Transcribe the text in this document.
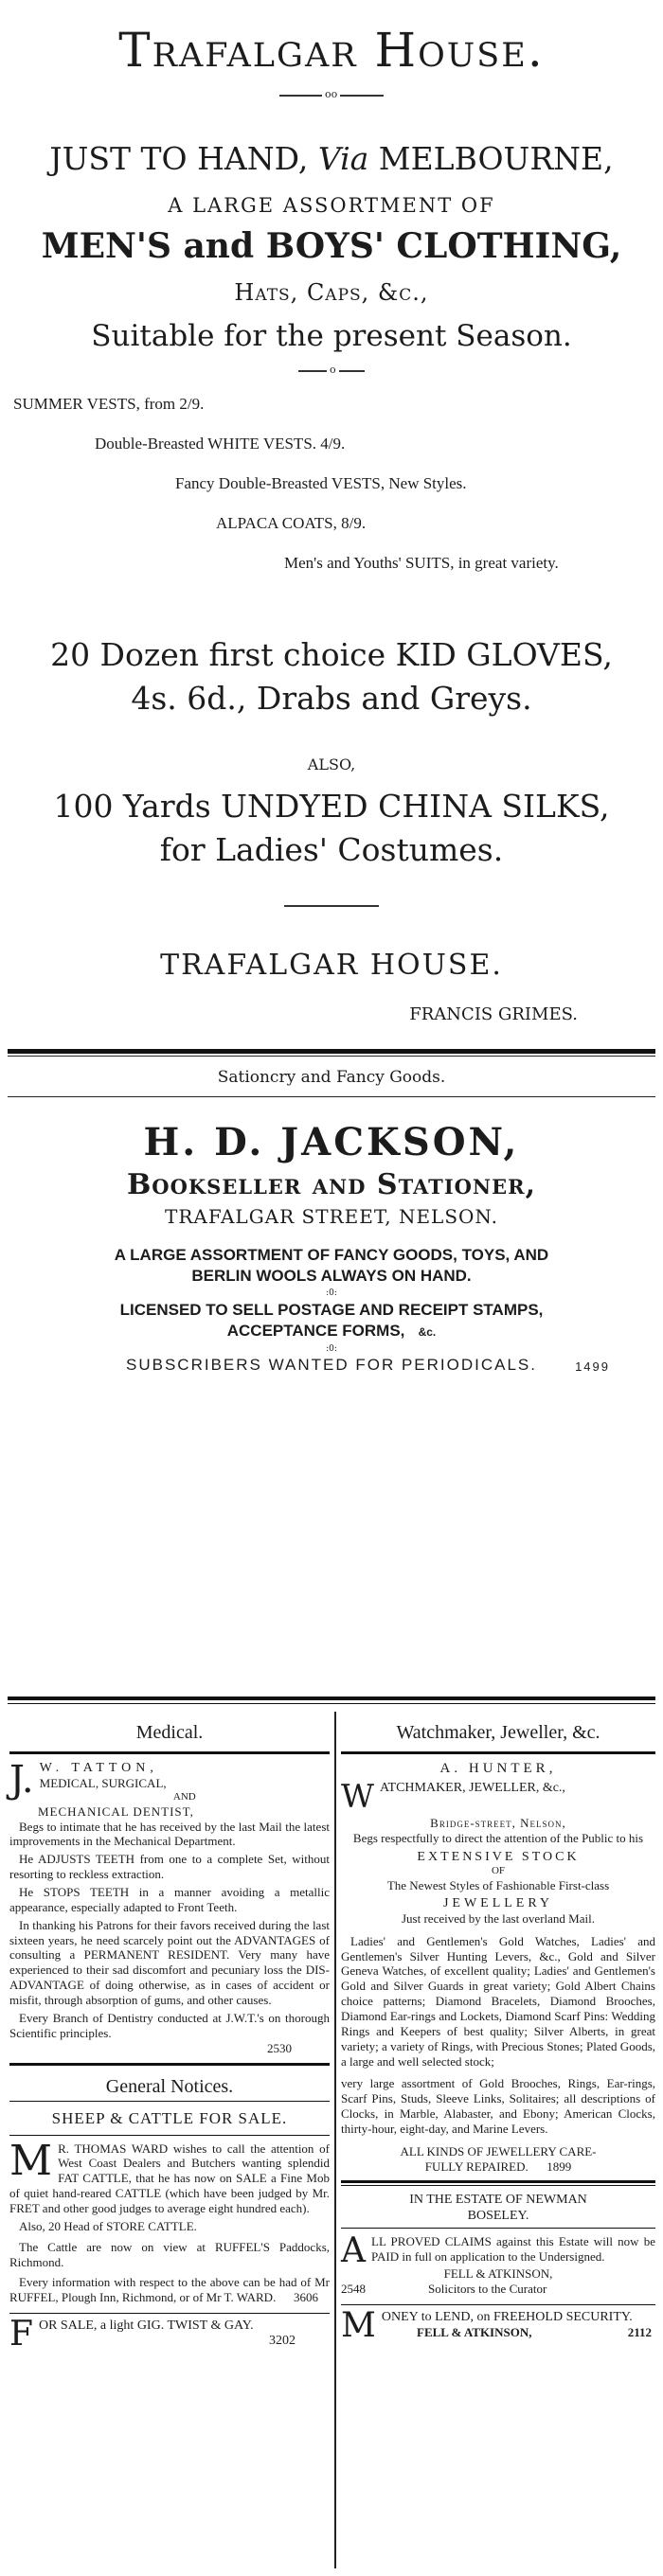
Trafalgar House.
oo
JUST TO HAND, Via MELBOURNE,
A LARGE ASSORTMENT OF
MEN'S and BOYS' CLOTHING,
Hats, Caps, &c.,
Suitable for the present Season.
o
SUMMER VESTS, from 2/9.
Double-Breasted WHITE VESTS. 4/9.
Fancy Double-Breasted VESTS, New Styles.
ALPACA COATS, 8/9.
Men's and Youths' SUITS, in great variety.
20 Dozen first choice KID GLOVES,
4s. 6d., Drabs and Greys.
ALSO,
100 Yards UNDYED CHINA SILKS,
for Ladies' Costumes.
TRAFALGAR HOUSE.
FRANCIS GRIMES.
Sationcry and Fancy Goods.
H. D. JACKSON,
Bookseller and Stationer,
TRAFALGAR STREET, NELSON.
A LARGE ASSORTMENT OF FANCY GOODS, TOYS, AND
BERLIN WOOLS ALWAYS ON HAND.
:0:
LICENSED TO SELL POSTAGE AND RECEIPT STAMPS,
ACCEPTANCE FORMS, &c.
:0:
SUBSCRIBERS WANTED FOR PERIODICALS.	1499
Medical.
J. W. TATTON,
MEDICAL, SURGICAL,
AND
MECHANICAL DENTIST,

Begs to intimate that he has received by the last Mail the latest improvements in the Mechanical Department.

He ADJUSTS TEETH from one to a complete Set, without resorting to reckless extraction.

He STOPS TEETH in a manner avoiding a metallic appearance, especially adapted to Front Teeth.

In thanking his Patrons for their favors received during the last sixteen years, he need scarcely point out the ADVANTAGES of consulting a PERMANENT RESIDENT. Very many have experienced to their sad discomfort and pecuniary loss the DIS-ADVANTAGE of doing otherwise, as in cases of accident or misfit, through absorption of gums, and other causes.

Every Branch of Dentistry conducted at J.W.T.'s on thorough Scientific principles.

2530
General Notices.
SHEEP & CATTLE FOR SALE.
M R. THOMAS WARD wishes to call the attention of West Coast Dealers and Butchers wanting splendid FAT CATTLE, that he has now on SALE a Fine Mob of quiet hand-reared CATTLE (which have been judged by Mr. FRET and other good judges to average eight hundred each).

Also, 20 Head of STORE CATTLE.

The Cattle are now on view at RUFFEL'S Paddocks, Richmond.

Every information with respect to the above can be had of Mr RUFFEL, Plough Inn, Richmond, or of Mr T. WARD.	3606

F OR SALE, a light GIG. TWIST & GAY.
3202
Watchmaker, Jeweller, &c.
A. HUNTER,
W ATCHMAKER, JEWELLER, &c.,
Bridge-street, Nelson,

Begs respectfully to direct the attention of the Public to his

EXTENSIVE STOCK
OF
The Newest Styles of Fashionable First-class
JEWELLERY
Just received by the last overland Mail.

Ladies' and Gentlemen's Gold Watches, Ladies' and Gentlemen's Silver Hunting Levers, &c., Gold and Silver Geneva Watches, of excellent quality; Ladies' and Gentlemen's Gold and Silver Guards in great variety; Gold Albert Chains choice patterns; Diamond Bracelets, Diamond Brooches, Diamond Ear-rings and Lockets, Diamond Scarf Pins: Wedding Rings and Keepers of best quality; Silver Alberts, in great variety; a variety of Rings, with Precious Stones; Plated Goods, a large and well selected stock;

very large assortment of Gold Brooches, Rings, Ear-rings, Scarf Pins, Studs, Sleeve Links, Solitaires; all descriptions of Clocks, in Marble, Alabaster, and Ebony; American Clocks, thirty-hour, eight-day, and Marine Levers.

ALL KINDS OF JEWELLERY CARE-
FULLY REPAIRED. 1899
IN THE ESTATE OF NEWMAN
BOSELEY.
A LL PROVED CLAIMS against this Estate will now be PAID in full on application to the Undersigned.

FELL & ATKINSON,
2548	Solicitors to the Curator
M ONEY to LEND, on FREEHOLD SECURITY.
FELL & ATKINSON,	2112
